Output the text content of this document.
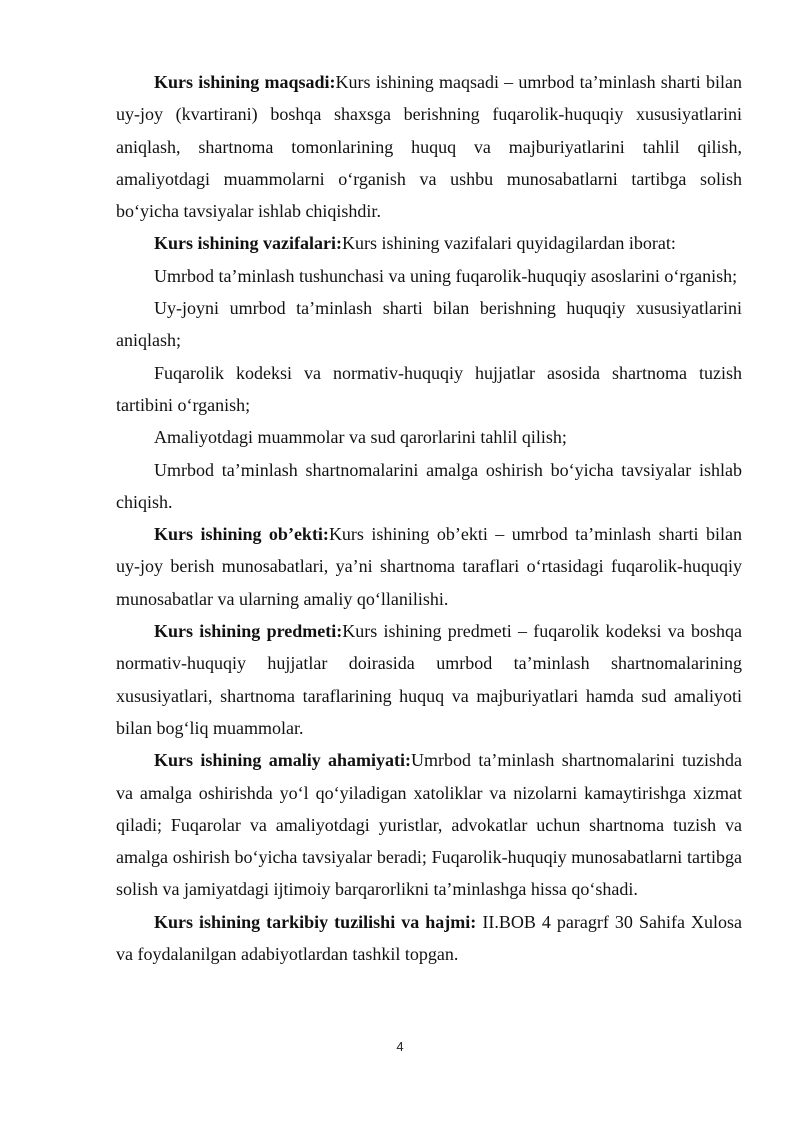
Kurs ishining maqsadi:Kurs ishining maqsadi – umrbod ta’minlash sharti bilan uy-joy (kvartirani) boshqa shaxsga berishning fuqarolik-huquqiy xususiyatlarini aniqlash, shartnoma tomonlarining huquq va majburiyatlarini tahlil qilish, amaliyotdagi muammolarni o‘rganish va ushbu munosabatlarni tartibga solish bo‘yicha tavsiyalar ishlab chiqishdir.

Kurs ishining vazifalari:Kurs ishining vazifalari quyidagilardan iborat:

Umrbod ta’minlash tushunchasi va uning fuqarolik-huquqiy asoslarini o‘rganish;

Uy-joyni umrbod ta’minlash sharti bilan berishning huquqiy xususiyatlarini aniqlash;

Fuqarolik kodeksi va normativ-huquqiy hujjatlar asosida shartnoma tuzish tartibini o‘rganish;

Amaliyotdagi muammolar va sud qarorlarini tahlil qilish;

Umrbod ta’minlash shartnomalarini amalga oshirish bo‘yicha tavsiyalar ishlab chiqish.

Kurs ishining ob’ekti:Kurs ishining ob’ekti – umrbod ta’minlash sharti bilan uy-joy berish munosabatlari, ya’ni shartnoma taraflari o‘rtasidagi fuqarolik-huquqiy munosabatlar va ularning amaliy qo‘llanilishi.

Kurs ishining predmeti:Kurs ishining predmeti – fuqarolik kodeksi va boshqa normativ-huquqiy hujjatlar doirasida umrbod ta’minlash shartnomalarining xususiyatlari, shartnoma taraflarining huquq va majburiyatlari hamda sud amaliyoti bilan bog‘liq muammolar.

Kurs ishining amaliy ahamiyati:Umrbod ta’minlash shartnomalarini tuzishda va amalga oshirishda yo‘l qo‘yiladigan xatoliklar va nizolarni kamaytirishga xizmat qiladi; Fuqarolar va amaliyotdagi yuristlar, advokatlar uchun shartnoma tuzish va amalga oshirish bo‘yicha tavsiyalar beradi; Fuqarolik-huquqiy munosabatlarni tartibga solish va jamiyatdagi ijtimoiy barqarorlikni ta’minlashga hissa qo‘shadi.

Kurs ishining tarkibiy tuzilishi va hajmi: II.BOB 4 paragrf 30 Sahifa Xulosa va foydalanilgan adabiyotlardan tashkil topgan.

4
